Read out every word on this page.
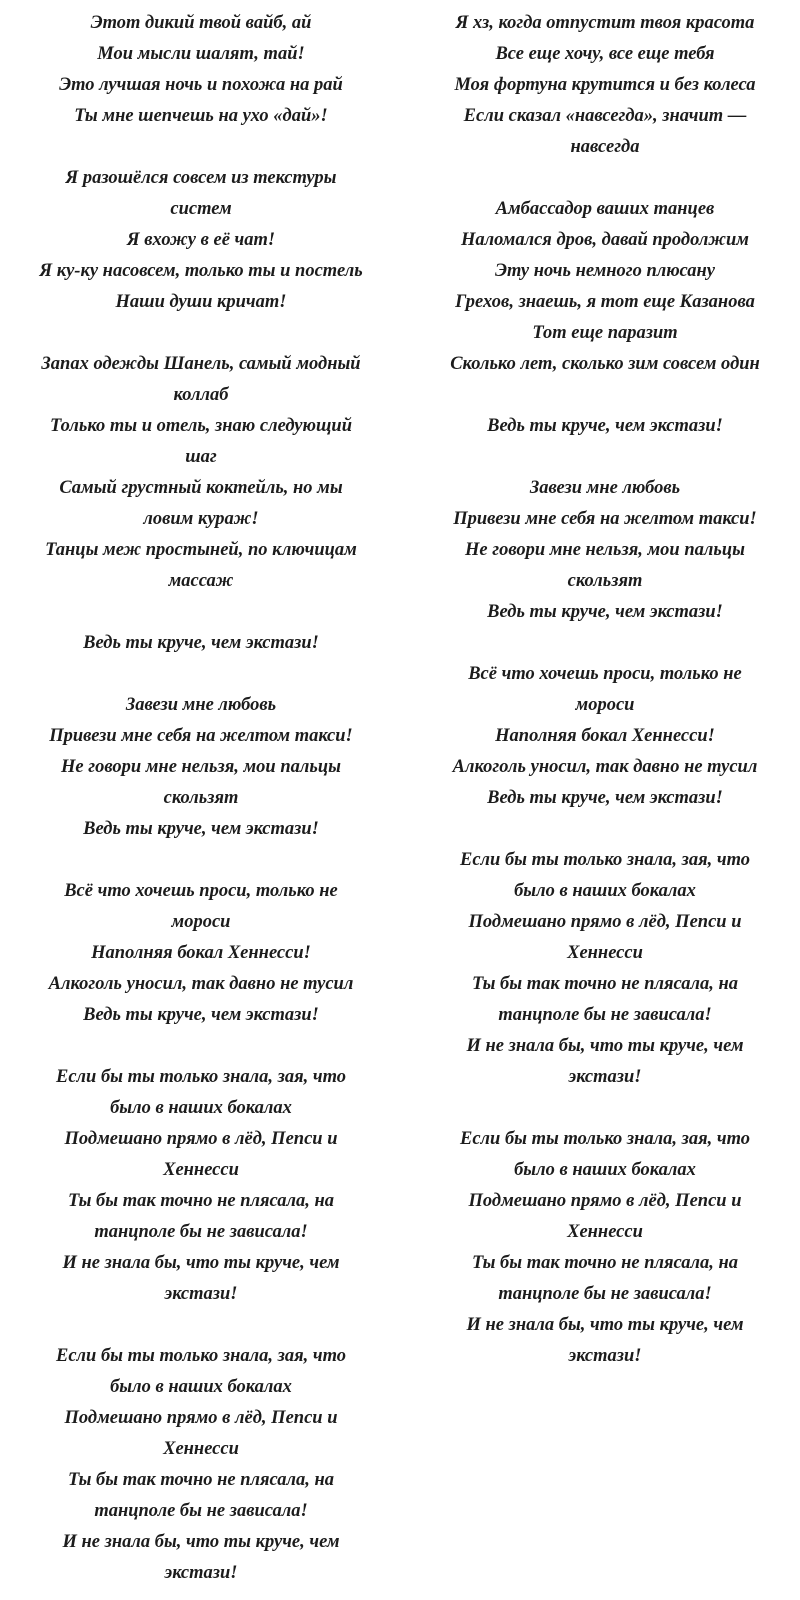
Этот дикий твой вайб, ай
Мои мысли шалят, тай!
Это лучшая ночь и похожа на рай
Ты мне шепчешь на ухо «дай»!
Я разошёлся совсем из текстуры
систем
Я вхожу в её чат!
Я ку-ку насовсем, только ты и постель
Наши души кричат!
Запах одежды Шанель, самый модный
коллаб
Только ты и отель, знаю следующий
шаг
Самый грустный коктейль, но мы
ловим кураж!
Танцы меж простыней, по ключицам
массаж
Ведь ты круче, чем экстази!
Завези мне любовь
Привези мне себя на желтом такси!
Не говори мне нельзя, мои пальцы
скользят
Ведь ты круче, чем экстази!
Всё что хочешь проси, только не
мороси
Наполняя бокал Хеннесси!
Алкоголь уносил, так давно не тусил
Ведь ты круче, чем экстази!
Если бы ты только знала, зая, что
было в наших бокалах
Подмешано прямо в лёд, Пепси и
Хеннесси
Ты бы так точно не плясала, на
танцполе бы не зависала!
И не знала бы, что ты круче, чем
экстази!
Если бы ты только знала, зая, что
было в наших бокалах
Подмешано прямо в лёд, Пепси и
Хеннесси
Ты бы так точно не плясала, на
танцполе бы не зависала!
И не знала бы, что ты круче, чем
экстази!
Я хз, когда отпустит твоя красота
Все еще хочу, все еще тебя
Моя фортуна крутится и без колеса
Если сказал «навсегда», значит —
навсегда
Амбассадор ваших танцев
Наломался дров, давай продолжим
Эту ночь немного плюсану
Грехов, знаешь, я тот еще Казанова
Тот еще паразит
Сколько лет, сколько зим совсем один
Ведь ты круче, чем экстази!
Завези мне любовь
Привези мне себя на желтом такси!
Не говори мне нельзя, мои пальцы
скользят
Ведь ты круче, чем экстази!
Всё что хочешь проси, только не
мороси
Наполняя бокал Хеннесси!
Алкоголь уносил, так давно не тусил
Ведь ты круче, чем экстази!
Если бы ты только знала, зая, что
было в наших бокалах
Подмешано прямо в лёд, Пепси и
Хеннесси
Ты бы так точно не плясала, на
танцполе бы не зависала!
И не знала бы, что ты круче, чем
экстази!
Если бы ты только знала, зая, что
было в наших бокалах
Подмешано прямо в лёд, Пепси и
Хеннесси
Ты бы так точно не плясала, на
танцполе бы не зависала!
И не знала бы, что ты круче, чем
экстази!
